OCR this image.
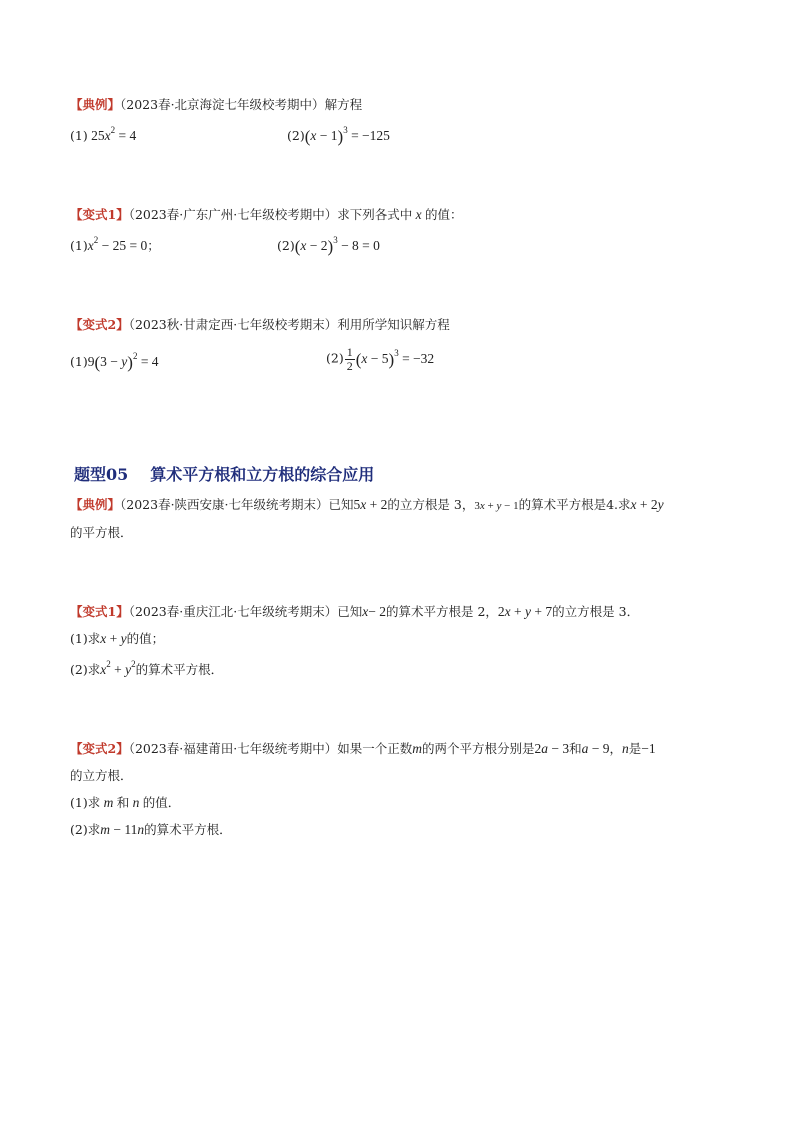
【典例】（2023春·北京海淀七年级校考期中）解方程
(1) $25x^2 = 4$	$(2)(x - 1)^3 = -125$
【变式1】（2023春·广东广州·七年级校考期中）求下列各式中 x 的值：
$(1)x^2 - 25 = 0$；	$(2)(x - 2)^3 - 8 = 0$
【变式2】（2023秋·甘肃定西·七年级校考期末）利用所学知识解方程
$(1)9(3 - y)^2 = 4$	$(2) \frac{1}{2} (x - 5)^3 = -32$
题型05 算术平方根和立方根的综合应用
【典例】（2023春·陕西安康·七年级统考期末）已知5x + 2的立方根是 3，3x + y − 1的算术平方根是4.求x + 2y
的平方根．
【变式1】（2023春·重庆江北·七年级统考期末）已知x− 2的算术平方根是 2，2x + y + 7的立方根是 3．
(1)求x + y的值；
(2)求$x^2 + y^2$的算术平方根．
【变式2】（2023春·福建莆田·七年级统考期中）如果一个正数m的两个平方根分别是2a − 3和a − 9，n是−1
的立方根．
(1)求 m 和 n 的值．
(2)求m − 11n的算术平方根．
